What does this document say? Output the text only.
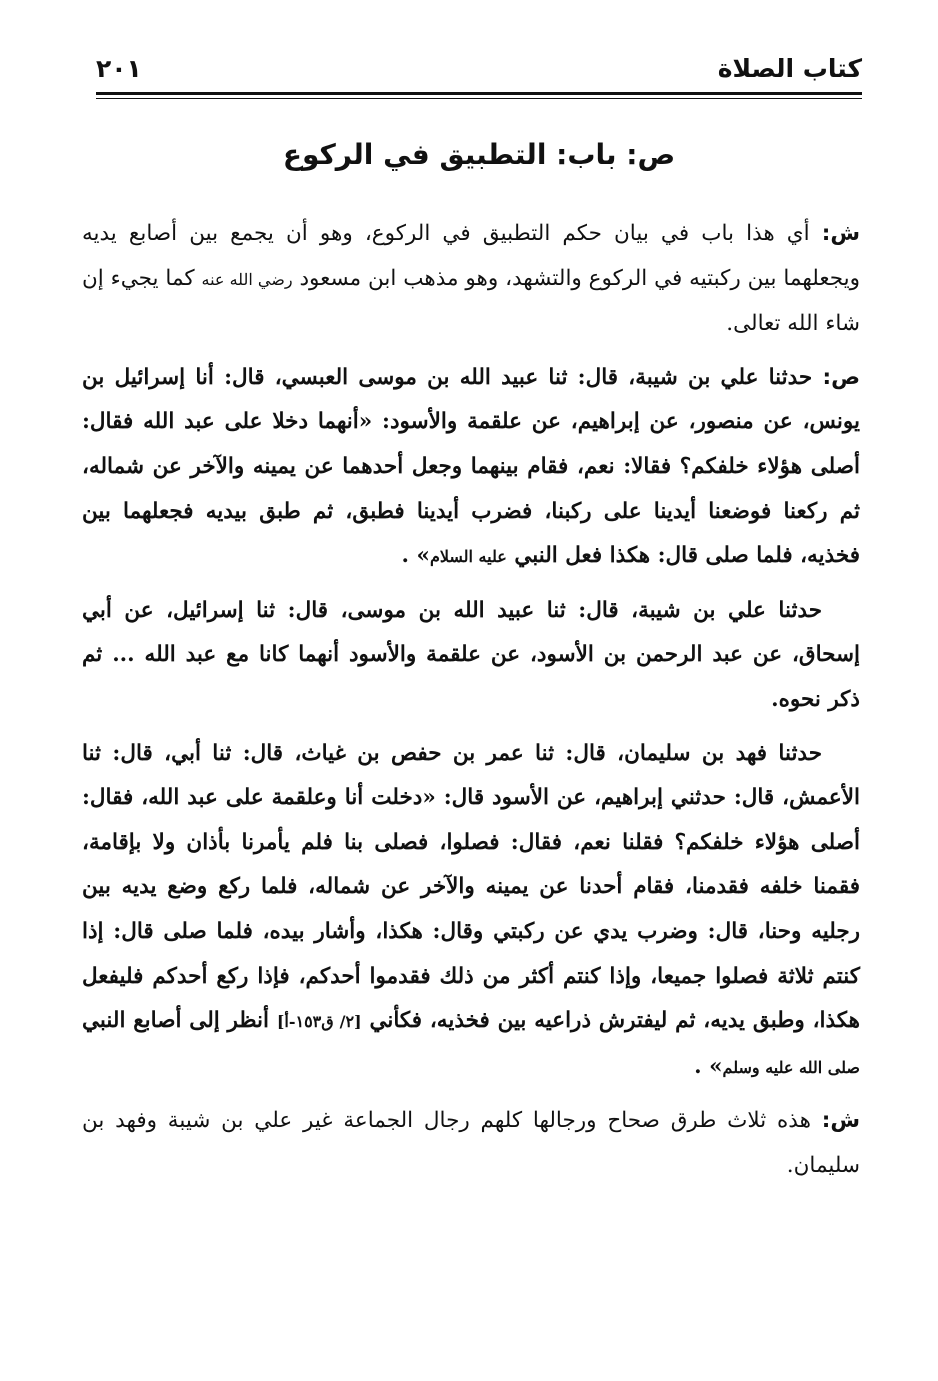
كتاب الصلاة
٢٠١
ص: باب: التطبيق في الركوع

ش: أي هذا باب في بيان حكم التطبيق في الركوع، وهو أن يجمع بين أصابع يديه ويجعلهما بين ركبتيه في الركوع والتشهد، وهو مذهب ابن مسعود رضي الله عنه كما يجيء إن شاء الله تعالى.

ص: حدثنا علي بن شيبة، قال: ثنا عبيد الله بن موسى العبسي، قال: أنا إسرائيل بن يونس، عن منصور، عن إبراهيم، عن علقمة والأسود: «أنهما دخلا على عبد الله فقال: أصلى هؤلاء خلفكم؟ فقالا: نعم، فقام بينهما وجعل أحدهما عن يمينه والآخر عن شماله، ثم ركعنا فوضعنا أيدينا على ركبنا، فضرب أيدينا فطبق، ثم طبق بيديه فجعلهما بين فخذيه، فلما صلى قال: هكذا فعل النبي عليه السلام» .

حدثنا علي بن شيبة، قال: ثنا عبيد الله بن موسى، قال: ثنا إسرائيل، عن أبي إسحاق، عن عبد الرحمن بن الأسود، عن علقمة والأسود أنهما كانا مع عبد الله ... ثم ذكر نحوه.

حدثنا فهد بن سليمان، قال: ثنا عمر بن حفص بن غياث، قال: ثنا أبي، قال: ثنا الأعمش، قال: حدثني إبراهيم، عن الأسود قال: «دخلت أنا وعلقمة على عبد الله، فقال: أصلى هؤلاء خلفكم؟ فقلنا نعم، فقال: فصلوا، فصلى بنا فلم يأمرنا بأذان ولا بإقامة، فقمنا خلفه فقدمنا، فقام أحدنا عن يمينه والآخر عن شماله، فلما ركع وضع يديه بين رجليه وحنا، قال: وضرب يدي عن ركبتي وقال: هكذا، وأشار بيده، فلما صلى قال: إذا كنتم ثلاثة فصلوا جميعا، وإذا كنتم أكثر من ذلك فقدموا أحدكم، فإذا ركع أحدكم فليفعل هكذا، وطبق يديه، ثم ليفترش ذراعيه بين فخذيه، فكأني [٢/ ق١٥٣-أ] أنظر إلى أصابع النبي صلى الله عليه وسلم» .

ش: هذه ثلاث طرق صحاح ورجالها كلهم رجال الجماعة غير علي بن شيبة وفهد بن سليمان.
